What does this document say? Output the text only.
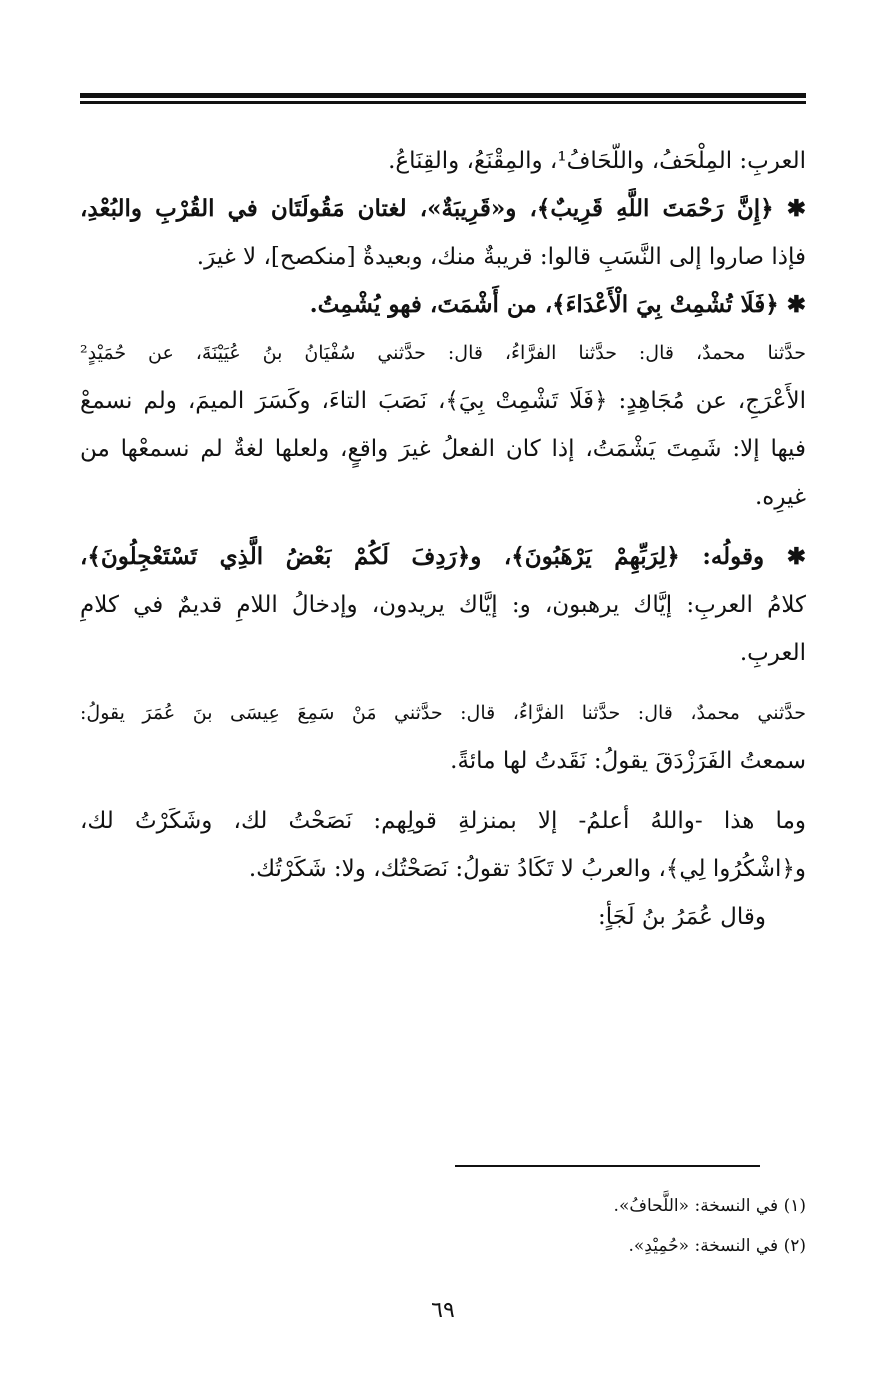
العربِ: المِلْحَفُ، واللّحَافُ¹، والمِقْنَعُ، والقِنَاعُ.
✱ ﴿إِنَّ رَحْمَتَ اللَّهِ قَرِيبٌ﴾، و«قَرِيبَةٌ»، لغتان مَقُولَتَان في القُرْبِ والبُعْدِ،
فإذا صاروا إلى النَّسَبِ قالوا: قريبةٌ منك، وبعيدةٌ [منكصح]، لا غيرَ.
✱ ﴿فَلَا تُشْمِتْ بِيَ الْأَعْدَاءَ﴾، من أَشْمَتَ، فهو يُشْمِتُ.
حدَّثنا محمدٌ، قال: حدَّثنا الفرَّاءُ، قال: حدَّثني سُفْيَانُ بنُ عُيَيْنَةَ، عن حُمَيْدٍ²
الأَعْرَجِ، عن مُجَاهِدٍ: ﴿فَلَا تَشْمِتْ بِيَ﴾، نَصَبَ التاءَ، وكَسَرَ الميمَ، ولم نسمعْ
فيها إلا: شَمِتَ يَشْمَتُ، إذا كان الفعلُ غيرَ واقعٍ، ولعلها لغةٌ لم نسمعْها من
غيرِه.
✱ وقولُه: ﴿لِرَبِّهِمْ يَرْهَبُونَ﴾، و﴿رَدِفَ لَكُمْ بَعْضُ الَّذِي تَسْتَعْجِلُونَ﴾،
كلامُ العربِ: إيَّاك يرهبون، و: إيَّاك يريدون، وإدخالُ اللامِ قديمٌ في كلامِ
العربِ.
حدَّثني محمدٌ، قال: حدَّثنا الفرَّاءُ، قال: حدَّثني مَنْ سَمِعَ عِيسَى بنَ عُمَرَ يقولُ:
سمعتُ الفَرَزْدَقَ يقولُ: نَقَدتُ لها مائةً.
وما هذا -واللهُ أعلمُ- إلا بمنزلةِ قولِهم: نَصَحْتُ لك، وشَكَرْتُ لك،
و﴿اشْكُرُوا لِي﴾، والعربُ لا تَكَادُ تقولُ: نَصَحْتُك، ولا: شَكَرْتُك.
وقال عُمَرُ بنُ لَجَأٍ:
(١) في النسخة: «اللَّحافُ».
(٢) في النسخة: «حُمِيْدِ».
٦٩
